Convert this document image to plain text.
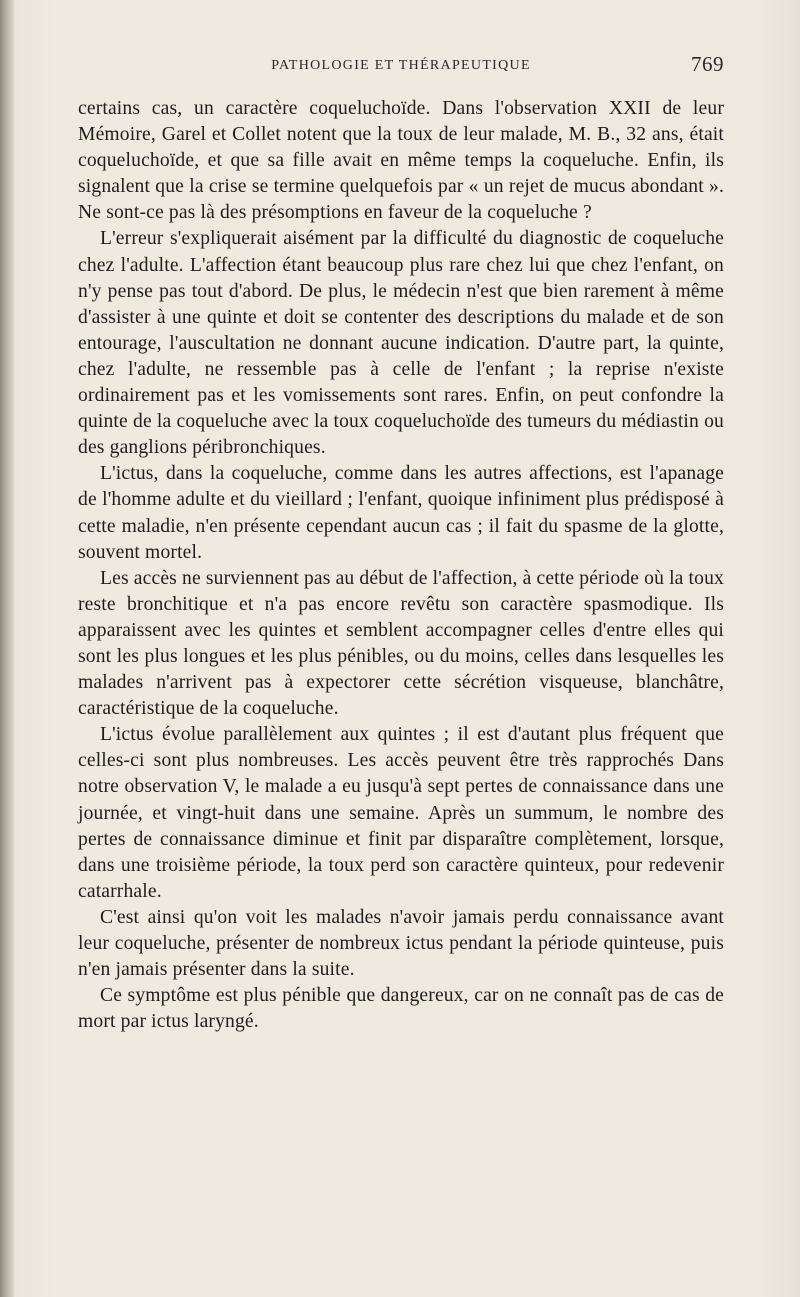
PATHOLOGIE ET THÉRAPEUTIQUE	769

certains cas, un caractère coqueluchoïde. Dans l'observation XXII de leur Mémoire, Garel et Collet notent que la toux de leur malade, M. B., 32 ans, était coqueluchoïde, et que sa fille avait en même temps la coqueluche. Enfin, ils signalent que la crise se termine quelquefois par « un rejet de mucus abondant ». Ne sont-ce pas là des présomptions en faveur de la coqueluche ?

L'erreur s'expliquerait aisément par la difficulté du diagnostic de coqueluche chez l'adulte. L'affection étant beaucoup plus rare chez lui que chez l'enfant, on n'y pense pas tout d'abord. De plus, le médecin n'est que bien rarement à même d'assister à une quinte et doit se contenter des descriptions du malade et de son entourage, l'auscultation ne donnant aucune indication. D'autre part, la quinte, chez l'adulte, ne ressemble pas à celle de l'enfant ; la reprise n'existe ordinairement pas et les vomissements sont rares. Enfin, on peut confondre la quinte de la coqueluche avec la toux coqueluchoïde des tumeurs du médiastin ou des ganglions péribronchiques.

L'ictus, dans la coqueluche, comme dans les autres affections, est l'apanage de l'homme adulte et du vieillard ; l'enfant, quoique infiniment plus prédisposé à cette maladie, n'en présente cependant aucun cas ; il fait du spasme de la glotte, souvent mortel.

Les accès ne surviennent pas au début de l'affection, à cette période où la toux reste bronchitique et n'a pas encore revêtu son caractère spasmodique. Ils apparaissent avec les quintes et semblent accompagner celles d'entre elles qui sont les plus longues et les plus pénibles, ou du moins, celles dans lesquelles les malades n'arrivent pas à expectorer cette sécrétion visqueuse, blanchâtre, caractéristique de la coqueluche.

L'ictus évolue parallèlement aux quintes ; il est d'autant plus fréquent que celles-ci sont plus nombreuses. Les accès peuvent être très rapprochés Dans notre observation V, le malade a eu jusqu'à sept pertes de connaissance dans une journée, et vingt-huit dans une semaine. Après un summum, le nombre des pertes de connaissance diminue et finit par disparaître complètement, lorsque, dans une troisième période, la toux perd son caractère quinteux, pour redevenir catarrhale.

C'est ainsi qu'on voit les malades n'avoir jamais perdu connaissance avant leur coqueluche, présenter de nombreux ictus pendant la période quinteuse, puis n'en jamais présenter dans la suite.

Ce symptôme est plus pénible que dangereux, car on ne connaît pas de cas de mort par ictus laryngé.
